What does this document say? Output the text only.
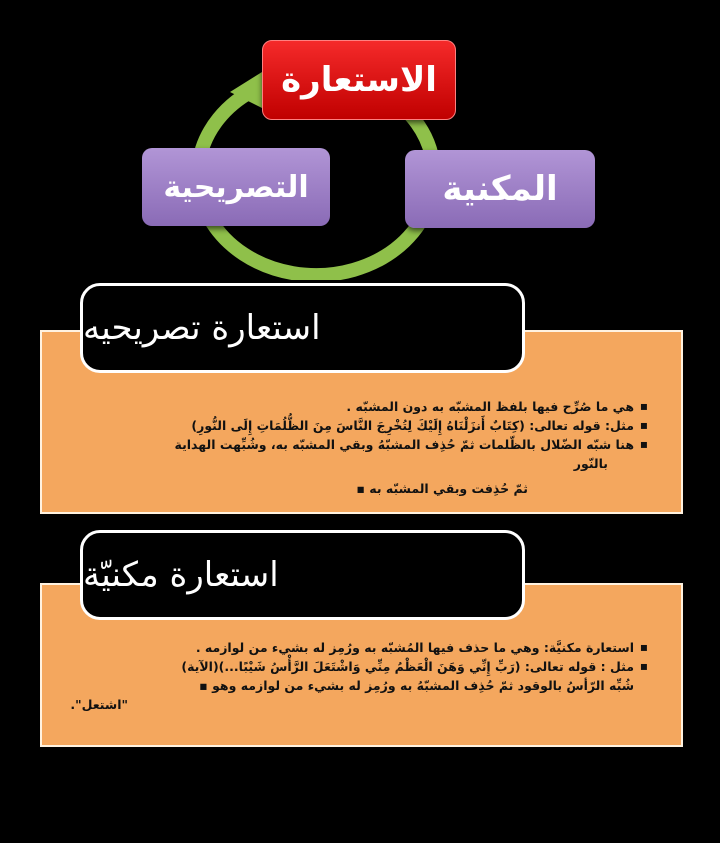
الاستعارة
المكنية
التصريحية
استعارة تصريحيه
▪ هي ما صُرِّح فيها بلفظ المشبّه به دون المشبّه .
▪ مثل: قوله تعالى: (كِتَابٌ أَنزَلْنَاهُ إِلَيْكَ لِتُخْرِجَ النَّاسَ مِنَ الظُّلُمَاتِ إِلَى النُّورِ)
▪ هنا شبّه الضّلال بالظّلمات ثمّ حُذِف المشبّهُ وبقي المشبّه به، وشُبِّهت الهداية
بالنّور
ثمّ حُذِفت وبقي المشبّه به ▪
استعارة مكنيّة
▪ استعارة مكنيَّة: وهي ما حذف فيها المُشبّه به ورُمِز له بشيء من لوازمه .
▪ مثل : قوله تعالى: (رَبِّ إِنِّي وَهَنَ الْعَظْمُ مِنِّي وَاشْتَعَلَ الرَّأْسُ شَيْبًا...)(الآية)
شُبِّه الرّأسُ بالوقود ثمّ حُذِف المشبّهُ به ورُمِز له بشيء من لوازمه وهو ▪
"اشتعل".
